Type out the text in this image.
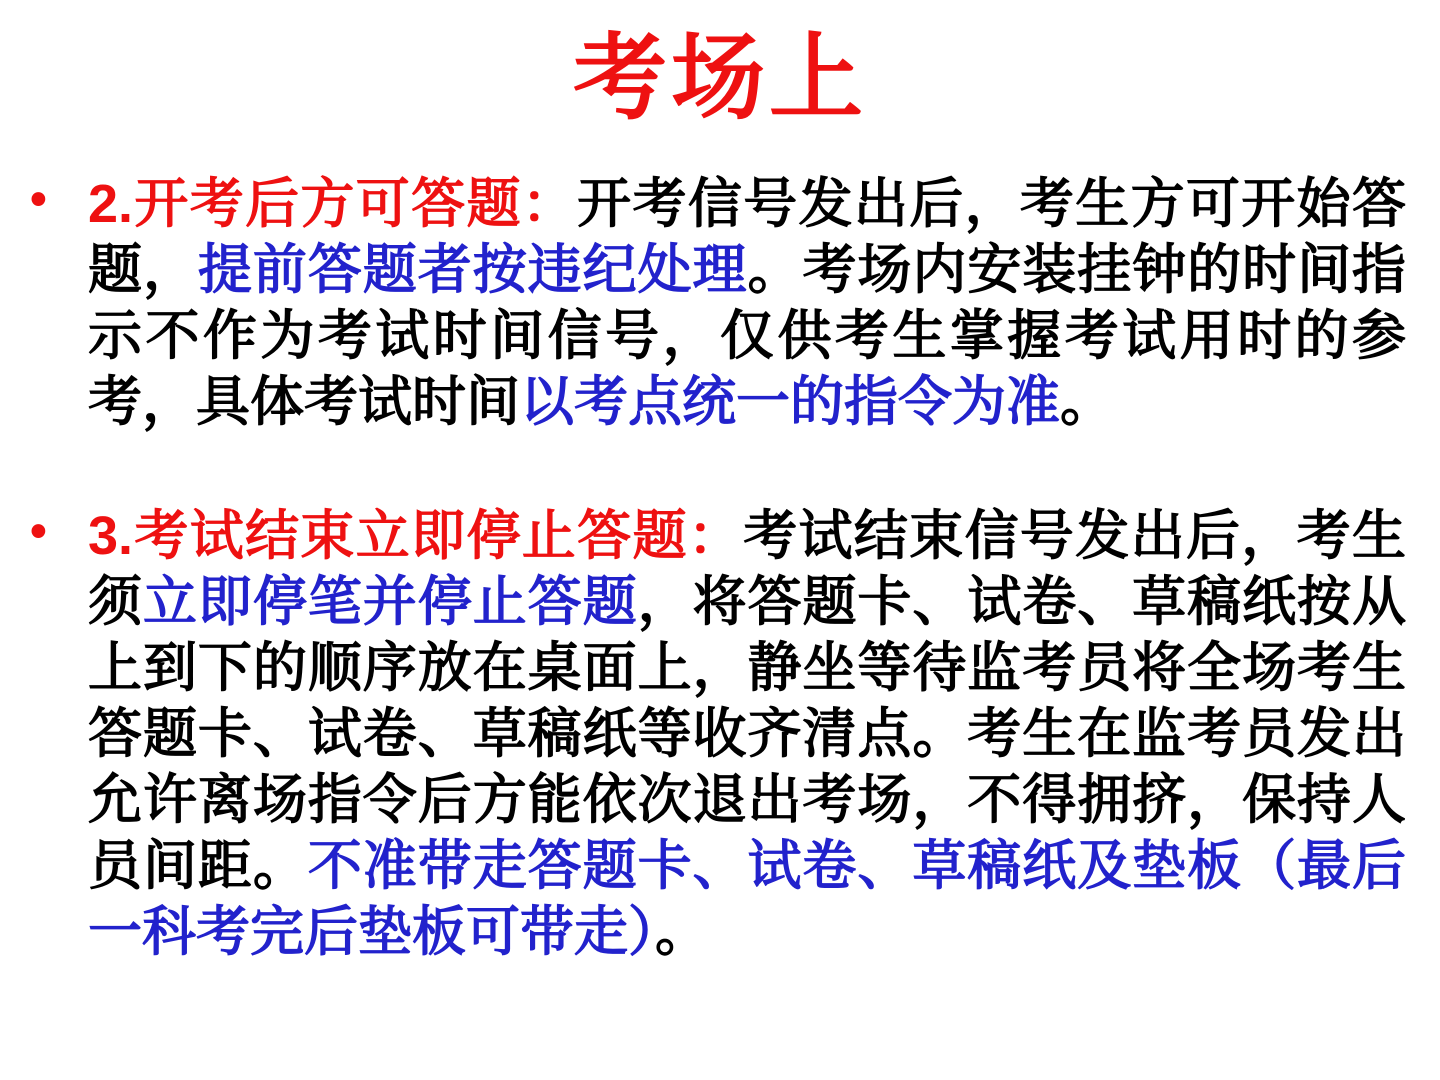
考场上
• 2.开考后方可答题：开考信号发出后，考生方可开始答题，提前答题者按违纪处理。考场内安装挂钟的时间指示不作为考试时间信号，仅供考生掌握考试用时的参考，具体考试时间以考点统一的指令为准。
• 3.考试结束立即停止答题：考试结束信号发出后，考生须立即停笔并停止答题，将答题卡、试卷、草稿纸按从上到下的顺序放在桌面上，静坐等待监考员将全场考生答题卡、试卷、草稿纸等收齐清点。考生在监考员发出允许离场指令后方能依次退出考场，不得拥挤，保持人员间距。不准带走答题卡、试卷、草稿纸及垫板（最后一科考完后垫板可带走）。
